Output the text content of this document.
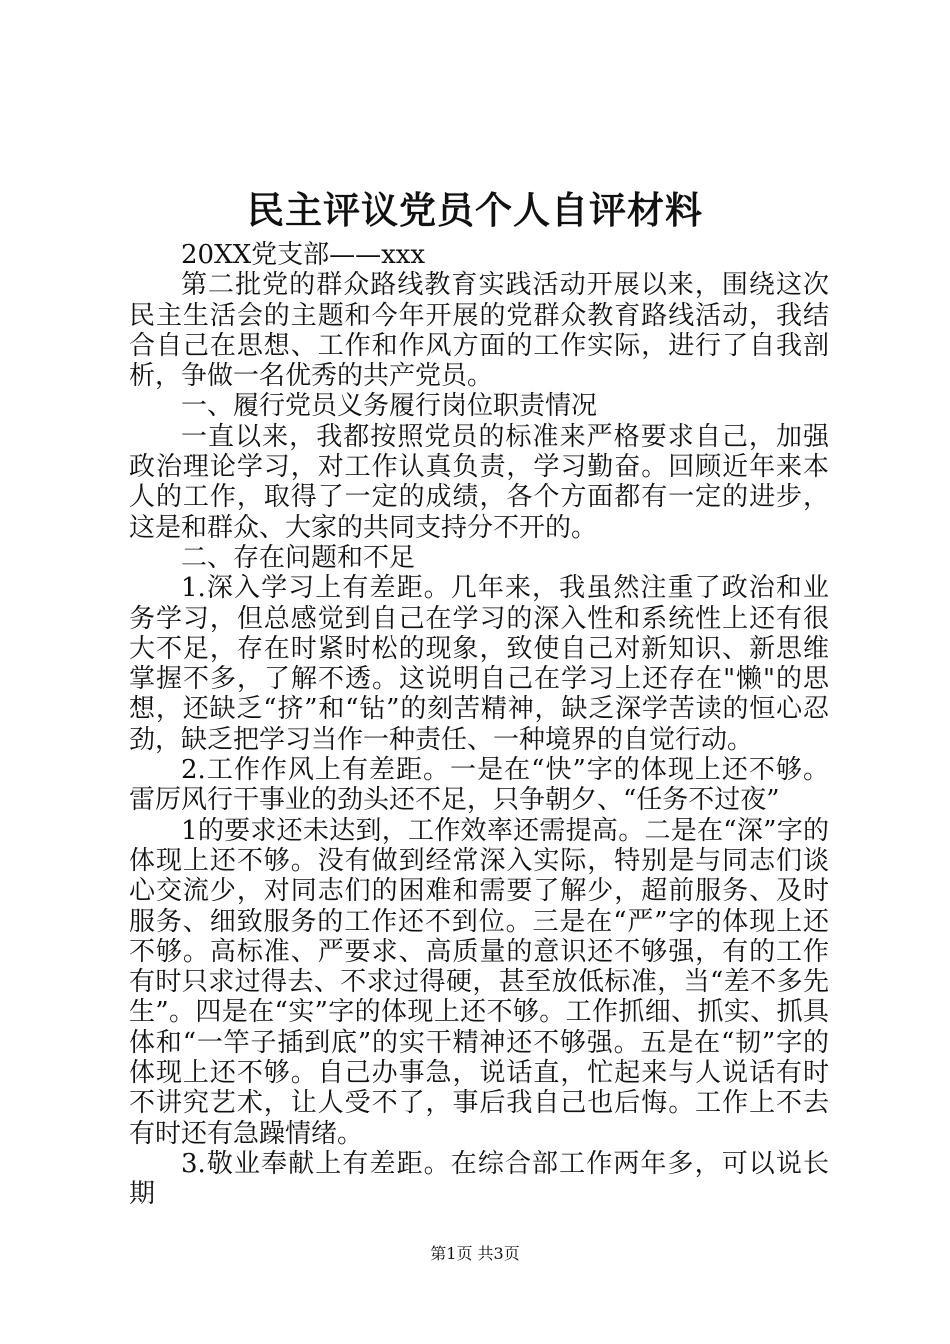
民主评议党员个人自评材料

20XX党支部——xxx

第二批党的群众路线教育实践活动开展以来，围绕这次民主生活会的主题和今年开展的党群众教育路线活动，我结合自己在思想、工作和作风方面的工作实际，进行了自我剖析，争做一名优秀的共产党员。

一、履行党员义务履行岗位职责情况

一直以来，我都按照党员的标准来严格要求自己，加强政治理论学习，对工作认真负责，学习勤奋。回顾近年来本人的工作，取得了一定的成绩，各个方面都有一定的进步，这是和群众、大家的共同支持分不开的。

二、存在问题和不足

1.深入学习上有差距。几年来，我虽然注重了政治和业务学习，但总感觉到自己在学习的深入性和系统性上还有很大不足，存在时紧时松的现象，致使自己对新知识、新思维掌握不多，了解不透。这说明自己在学习上还存在"懒"的思想，还缺乏“挤”和“钻”的刻苦精神，缺乏深学苦读的恒心忍劲，缺乏把学习当作一种责任、一种境界的自觉行动。

2.工作作风上有差距。一是在“快”字的体现上还不够。雷厉风行干事业的劲头还不足，只争朝夕、“任务不过夜”

1的要求还未达到，工作效率还需提高。二是在“深”字的体现上还不够。没有做到经常深入实际，特别是与同志们谈心交流少，对同志们的困难和需要了解少，超前服务、及时服务、细致服务的工作还不到位。三是在“严”字的体现上还不够。高标准、严要求、高质量的意识还不够强，有的工作有时只求过得去、不求过得硬，甚至放低标准，当“差不多先生”。四是在“实”字的体现上还不够。工作抓细、抓实、抓具体和“一竿子插到底”的实干精神还不够强。五是在“韧”字的体现上还不够。自己办事急，说话直，忙起来与人说话有时不讲究艺术，让人受不了，事后我自己也后悔。工作上不去有时还有急躁情绪。

3.敬业奉献上有差距。在综合部工作两年多，可以说长期

第1页 共3页
